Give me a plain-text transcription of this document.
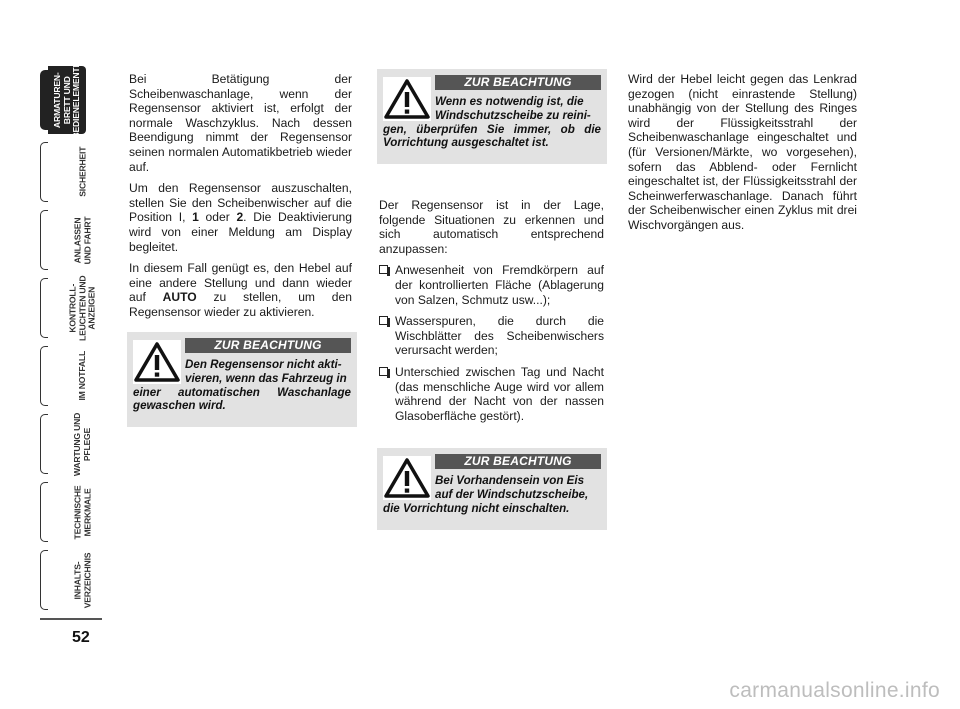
ARMATUREN-
BRETT UND
BEDIENELEMENTE
SICHERHEIT
ANLASSEN
UND FAHRT
KONTROLL-
LEUCHTEN UND
ANZEIGEN
IM NOTFALL
WARTUNG UND
PFLEGE
TECHNISCHE
MERKMALE
INHALTS-
VERZEICHNIS
52

Bei Betätigung der Scheibenwaschanlage, wenn der Regensensor aktiviert ist, erfolgt der normale Waschzyklus. Nach dessen Beendigung nimmt der Regensensor seinen normalen Automatikbetrieb wieder auf.

Um den Regensensor auszuschalten, stellen Sie den Scheibenwischer auf die Position I, 1 oder 2. Die Deaktivierung wird von einer Meldung am Display begleitet.

In diesem Fall genügt es, den Hebel auf eine andere Stellung und dann wieder auf AUTO zu stellen, um den Regensensor wieder zu aktivieren.

ZUR BEACHTUNG
Den Regensensor nicht akti-
vieren, wenn das Fahrzeug in
einer automatischen Waschanlage gewaschen wird.
ZUR BEACHTUNG
Wenn es notwendig ist, die
Windschutzscheibe zu reini-
gen, überprüfen Sie immer, ob die Vorrichtung ausgeschaltet ist.

Der Regensensor ist in der Lage, folgende Situationen zu erkennen und sich automatisch entsprechend anzupassen:

Anwesenheit von Fremdkörpern auf der kontrollierten Fläche (Ablagerung von Salzen, Schmutz usw...);
Wasserspuren, die durch die Wischblätter des Scheibenwischers verursacht werden;
Unterschied zwischen Tag und Nacht (das menschliche Auge wird vor allem während der Nacht von der nassen Glasoberfläche gestört).
ZUR BEACHTUNG
Bei Vorhandensein von Eis
auf der Windschutzscheibe,
die Vorrichtung nicht einschalten.

Wird der Hebel leicht gegen das Lenkrad gezogen (nicht einrastende Stellung) unabhängig von der Stellung des Ringes wird der Flüssigkeitsstrahl der Scheibenwaschanlage eingeschaltet und (für Versionen/Märkte, wo vorgesehen), sofern das Abblend- oder Fernlicht eingeschaltet ist, der Flüssigkeitsstrahl der Scheinwerferwaschanlage. Danach führt der Scheibenwischer einen Zyklus mit drei Wischvorgängen aus.

carmanualsonline.info
